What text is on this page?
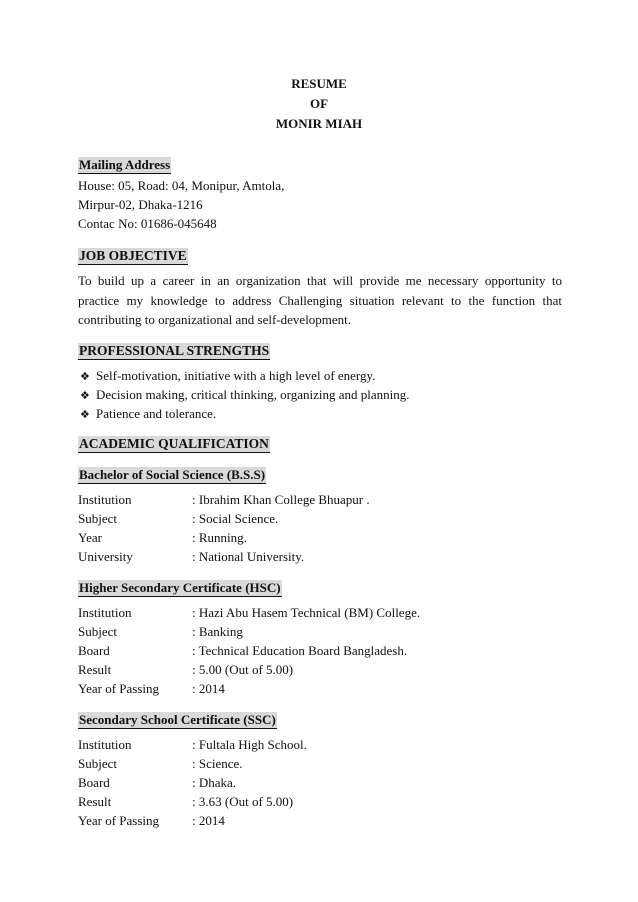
RESUME
OF
MONIR MIAH
Mailing Address
House: 05, Road: 04, Monipur, Amtola,
Mirpur-02, Dhaka-1216
Contac No: 01686-045648
JOB OBJECTIVE
To build up a career in an organization that will provide me necessary opportunity to practice my knowledge to address Challenging situation relevant to the function that contributing to organizational and self-development.
PROFESSIONAL STRENGTHS
❖ Self-motivation, initiative with a high level of energy.
❖ Decision making, critical thinking, organizing and planning.
❖ Patience and tolerance.
ACADEMIC QUALIFICATION
Bachelor of Social Science (B.S.S)
Institution	: Ibrahim Khan College Bhuapur .
Subject	: Social Science.
Year	: Running.
University	: National University.
Higher Secondary Certificate (HSC)
Institution	: Hazi Abu Hasem Technical (BM) College.
Subject	: Banking
Board	: Technical Education Board Bangladesh.
Result	: 5.00 (Out of 5.00)
Year of Passing	: 2014
Secondary School Certificate (SSC)
Institution	: Fultala High School.
Subject	: Science.
Board	: Dhaka.
Result	: 3.63 (Out of 5.00)
Year of Passing	: 2014
